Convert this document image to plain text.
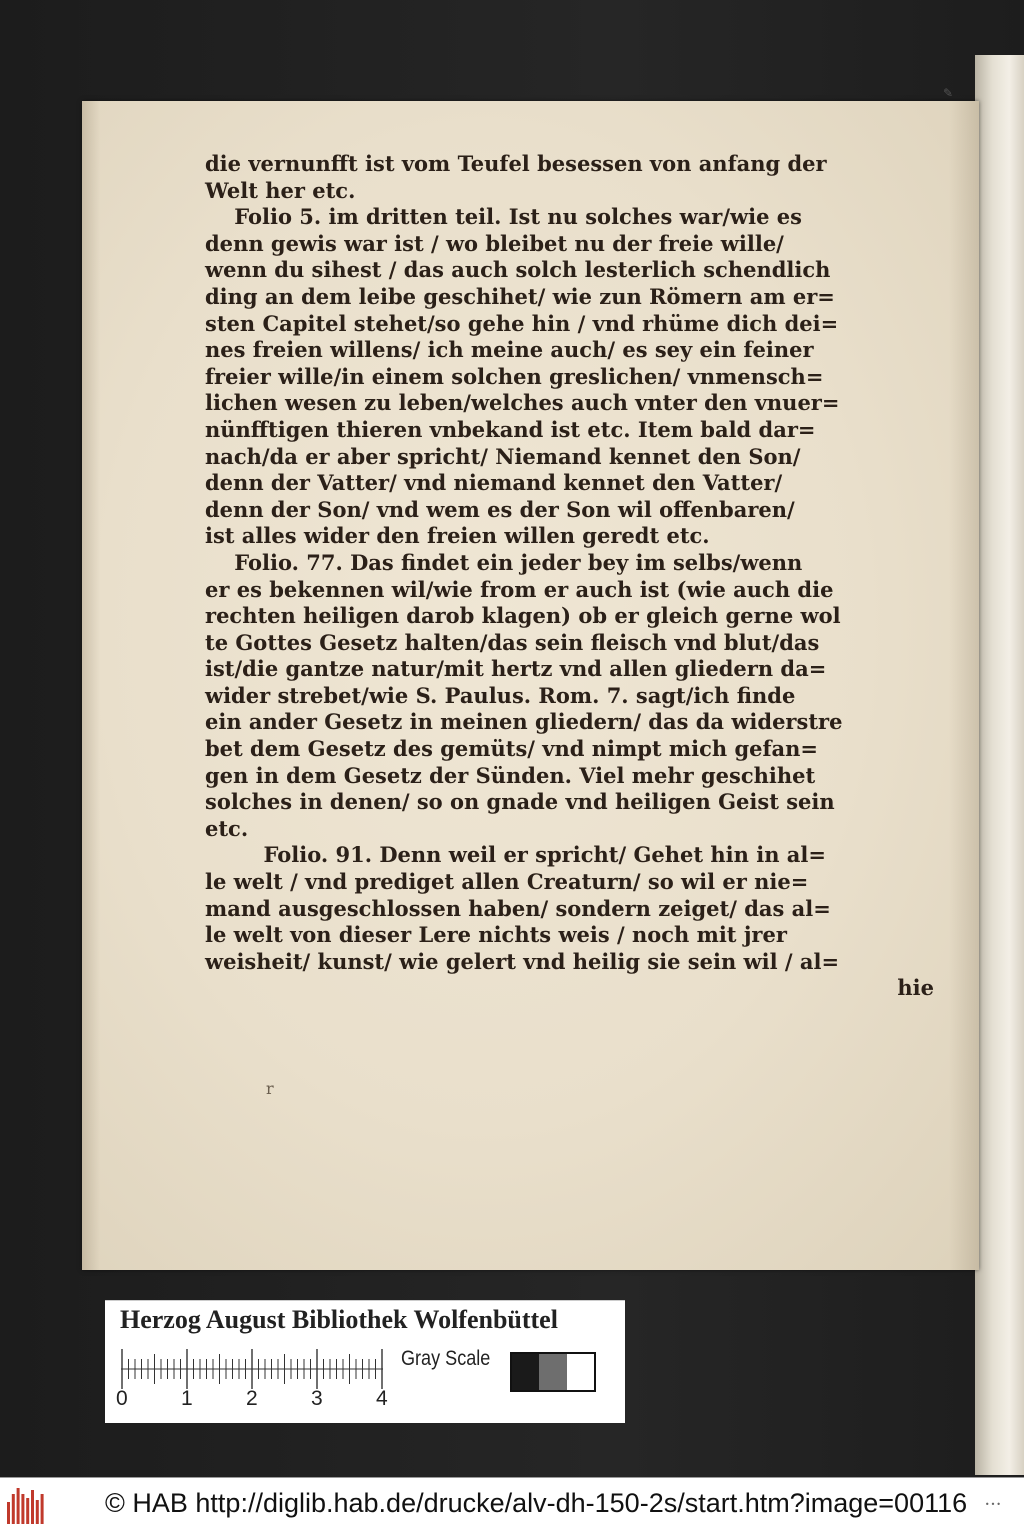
✎
die vernunfft ist vom Teufel besessen von anfang der
Welt her etc.
Folio 5. im dritten teil. Ist nu solches war/wie es
denn gewis war ist / wo bleibet nu der freie wille/
wenn du sihest / das auch solch lesterlich schendlich
ding an dem leibe geschihet/ wie zun Römern am er=
sten Capitel stehet/so gehe hin / vnd rhüme dich dei=
nes freien willens/ ich meine auch/ es sey ein feiner
freier wille/in einem solchen greslichen/ vnmensch=
lichen wesen zu leben/welches auch vnter den vnuer=
nünfftigen thieren vnbekand ist etc. Item bald dar=
nach/da er aber spricht/ Niemand kennet den Son/
denn der Vatter/ vnd niemand kennet den Vatter/
denn der Son/ vnd wem es der Son wil offenbaren/
ist alles wider den freien willen geredt etc.
Folio. 77. Das findet ein jeder bey im selbs/wenn
er es bekennen wil/wie from er auch ist (wie auch die
rechten heiligen darob klagen) ob er gleich gerne wol
te Gottes Gesetz halten/das sein fleisch vnd blut/das
ist/die gantze natur/mit hertz vnd allen gliedern da=
wider strebet/wie S. Paulus. Rom. 7. sagt/ich finde
ein ander Gesetz in meinen gliedern/ das da widerstre
bet dem Gesetz des gemüts/ vnd nimpt mich gefan=
gen in dem Gesetz der Sünden. Viel mehr geschihet
solches in denen/ so on gnade vnd heiligen Geist sein
etc.
Folio. 91. Denn weil er spricht/ Gehet hin in al=
le welt / vnd prediget allen Creaturn/ so wil er nie=
mand ausgeschlossen haben/ sondern zeiget/ das al=
le welt von dieser Lere nichts weis / noch mit jrer
weisheit/ kunst/ wie gelert vnd heilig sie sein wil / al=
hie
r
Herzog August Bibliothek Wolfenbüttel
0	1	2	3	4
Gray Scale
© HAB http://diglib.hab.de/drucke/alv-dh-150-2s/start.htm?image=00116 •••
